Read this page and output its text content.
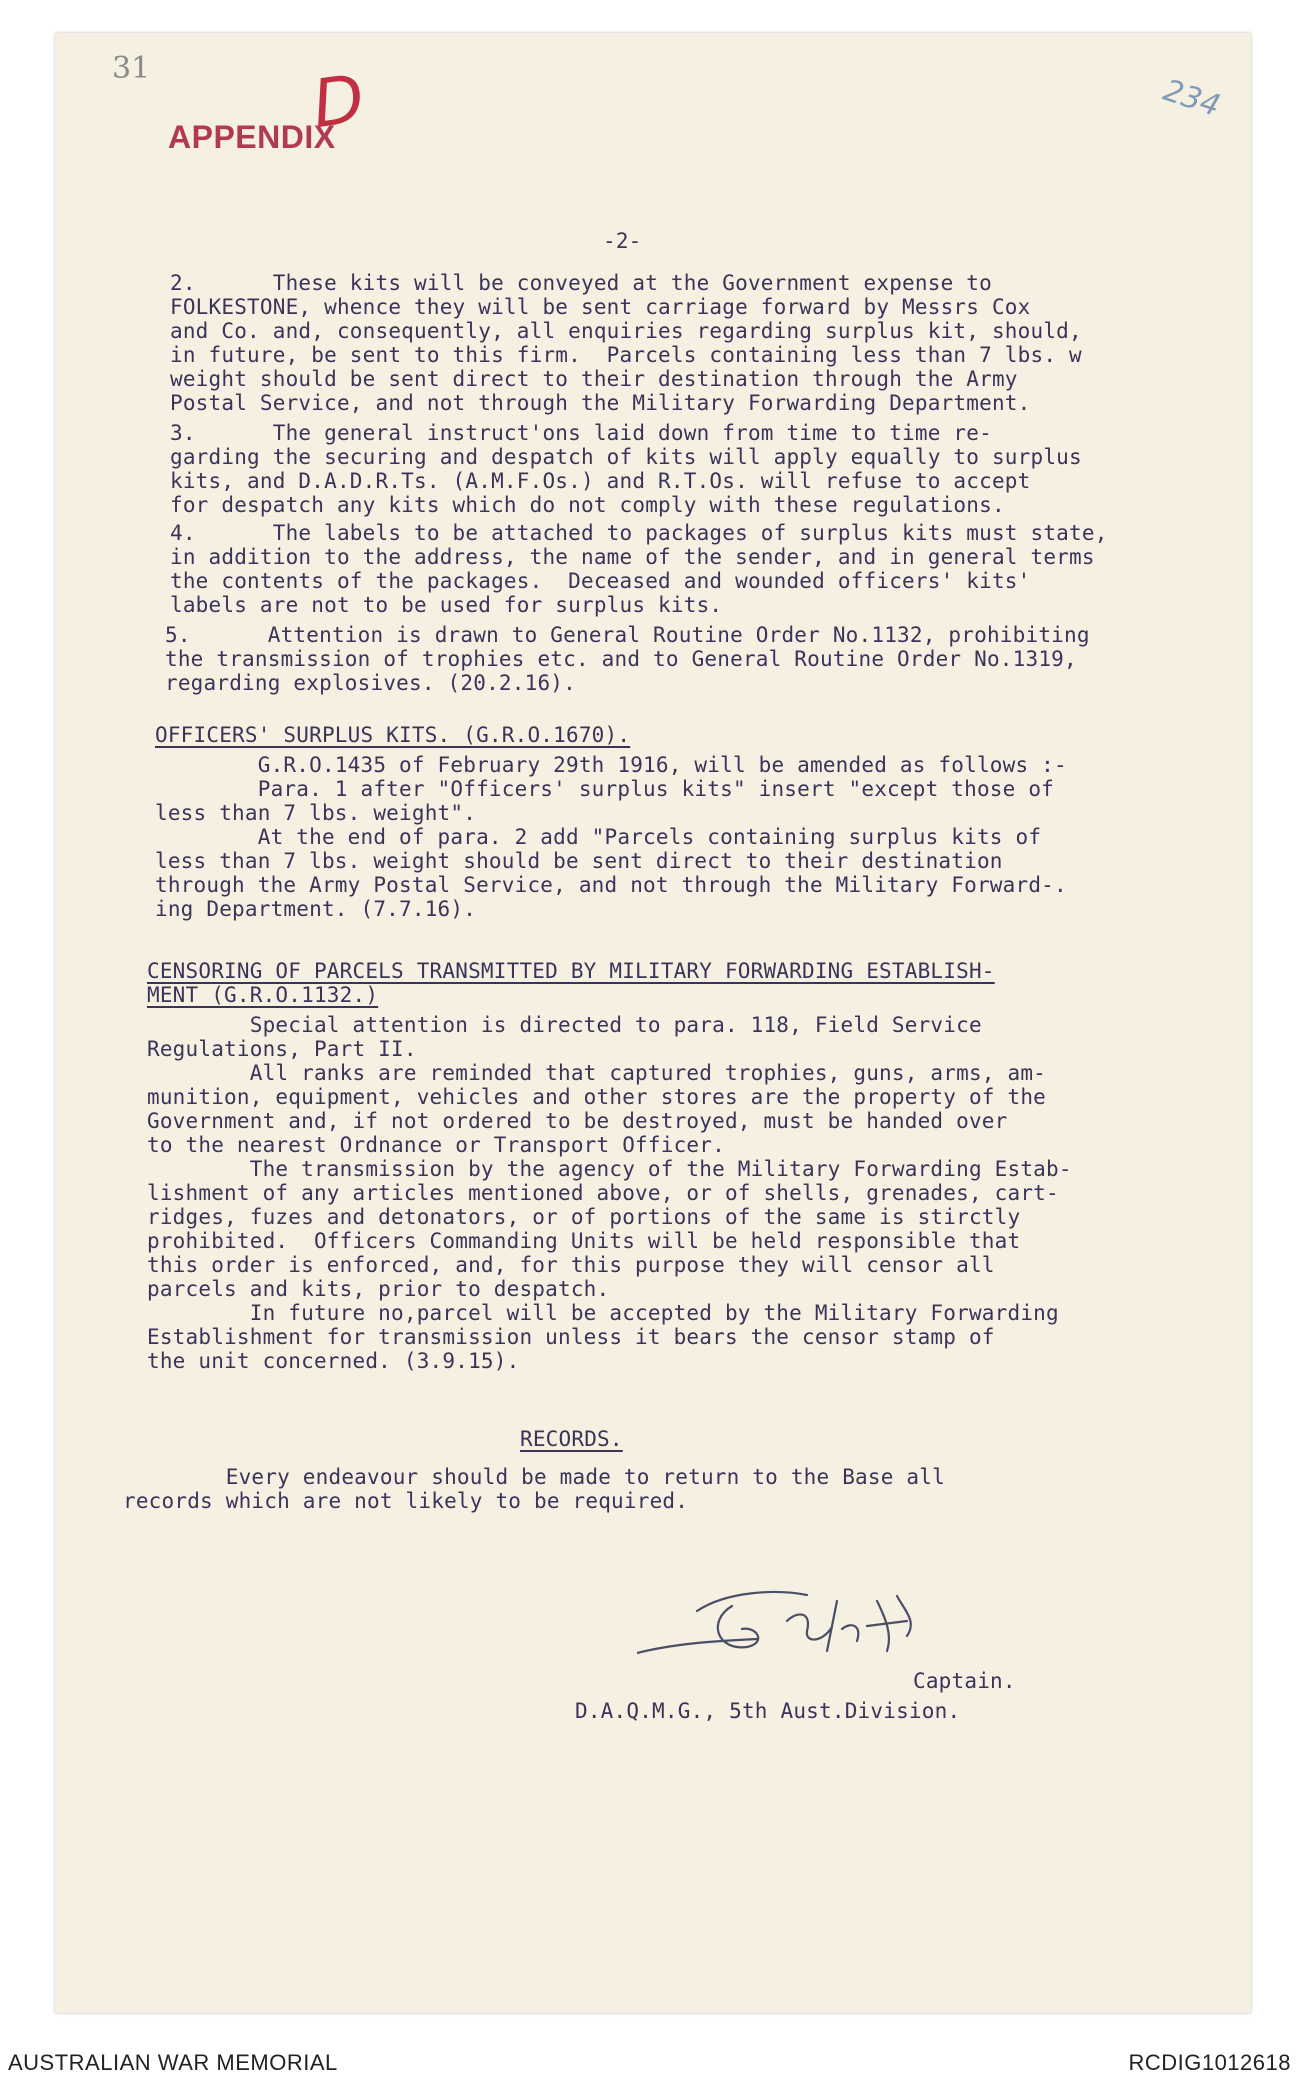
31
234
APPENDIX
D
-2-
2.      These kits will be conveyed at the Government expense to
FOLKESTONE, whence they will be sent carriage forward by Messrs Cox
and Co. and, consequently, all enquiries regarding surplus kit, should,
in future, be sent to this firm.  Parcels containing less than 7 lbs. w
weight should be sent direct to their destination through the Army
Postal Service, and not through the Military Forwarding Department.
3.      The general instruct'ons laid down from time to time re-
garding the securing and despatch of kits will apply equally to surplus
kits, and D.A.D.R.Ts. (A.M.F.Os.) and R.T.Os. will refuse to accept
for despatch any kits which do not comply with these regulations.
4.      The labels to be attached to packages of surplus kits must state,
in addition to the address, the name of the sender, and in general terms
the contents of the packages.  Deceased and wounded officers' kits'
labels are not to be used for surplus kits.
5.      Attention is drawn to General Routine Order No.1132, prohibiting
the transmission of trophies etc. and to General Routine Order No.1319,
regarding explosives. (20.2.16).
OFFICERS' SURPLUS KITS. (G.R.O.1670).
G.R.O.1435 of February 29th 1916, will be amended as follows :-
Para. 1 after "Officers' surplus kits" insert "except those of
less than 7 lbs. weight".
At the end of para. 2 add "Parcels containing surplus kits of
less than 7 lbs. weight should be sent direct to their destination
through the Army Postal Service, and not through the Military Forward-.
ing Department. (7.7.16).
CENSORING OF PARCELS TRANSMITTED BY MILITARY FORWARDING ESTABLISH-
MENT (G.R.O.1132.)
Special attention is directed to para. 118, Field Service
Regulations, Part II.
All ranks are reminded that captured trophies, guns, arms, am-
munition, equipment, vehicles and other stores are the property of the
Government and, if not ordered to be destroyed, must be handed over
to the nearest Ordnance or Transport Officer.
The transmission by the agency of the Military Forwarding Estab-
lishment of any articles mentioned above, or of shells, grenades, cart-
ridges, fuzes and detonators, or of portions of the same is stirctly
prohibited.  Officers Commanding Units will be held responsible that
this order is enforced, and, for this purpose they will censor all
parcels and kits, prior to despatch.
In future no,parcel will be accepted by the Military Forwarding
Establishment for transmission unless it bears the censor stamp of
the unit concerned. (3.9.15).
RECORDS.
Every endeavour should be made to return to the Base all
records which are not likely to be required.
Captain.
D.A.Q.M.G., 5th Aust.Division.
AUSTRALIAN WAR MEMORIAL	RCDIG1012618
